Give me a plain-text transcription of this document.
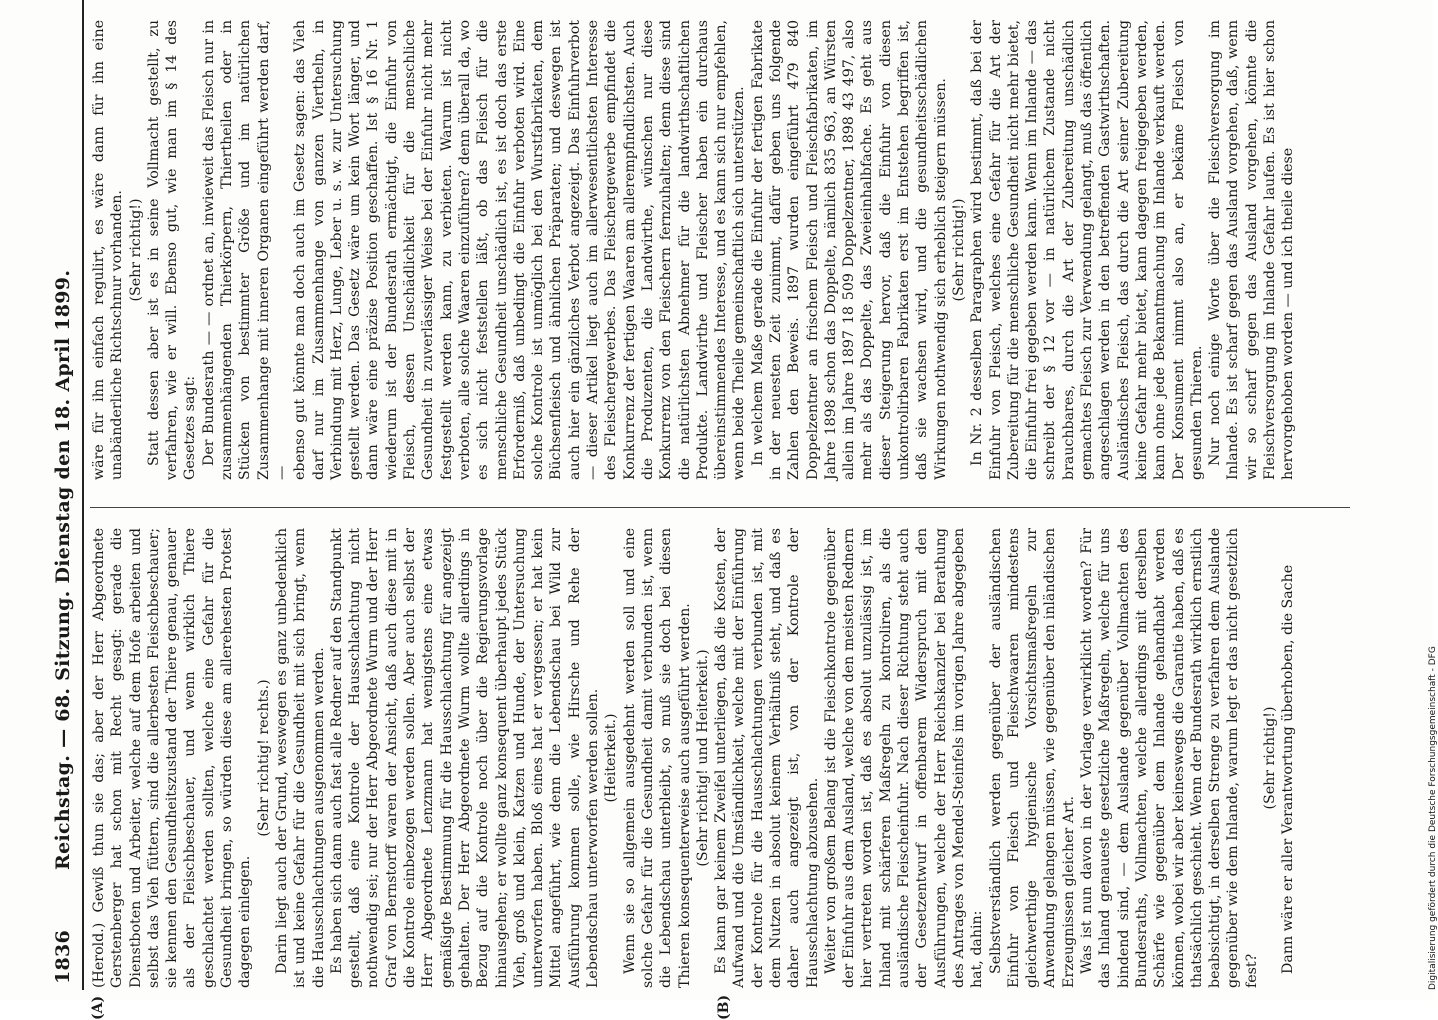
1836
Reichstag. — 68. Sitzung. Dienstag den 18. April 1899.
(A)	(B)

(Herold.) Gewiß thun sie das; aber der Herr Abgeordnete Gerstenberger hat schon mit Recht gesagt: gerade die Dienstboten und Arbeiter, welche auf dem Hofe arbeiten und selbst das Vieh füttern, sind die allerbesten Fleischbeschauer; sie kennen den Gesundheitszustand der Thiere genau, genauer als der Fleischbeschauer, und wenn wirklich Thiere geschlachtet werden sollten, welche eine Gefahr für die Gesundheit bringen, so würden diese am allerehesten Protest dagegen einlegen.

(Sehr richtig! rechts.) Darin liegt auch der Grund, weswegen es ganz unbedenklich ist und keine Gefahr für die Gesundheit mit sich bringt, wenn die Hausschlachtungen ausgenommen werden. Es haben sich dann auch fast alle Redner auf den Standpunkt gestellt, daß eine Kontrole der Hausschlachtung nicht nothwendig sei; nur der Herr Abgeordnete Wurm und der Herr Graf von Bernstorff waren der Ansicht, daß auch diese mit in die Kontrole einbezogen werden sollen. Aber auch selbst der Herr Abgeordnete Lenzmann hat wenigstens eine etwas gemäßigte Bestimmung für die Hausschlachtung für angezeigt gehalten. Der Herr Abgeordnete Wurm wollte allerdings in Bezug auf die Kontrole noch über die Regierungsvorlage hinausgehen; er wollte ganz konsequent überhaupt jedes Stück Vieh, groß und klein, Katzen und Hunde, der Untersuchung unterworfen haben. Bloß eines hat er vergessen; er hat kein Mittel angeführt, wie denn die Lebendschau bei Wild zur Ausführung kommen solle, wie Hirsche und Rehe der Lebendschau unterworfen werden sollen. (Heiterkeit.) Wenn sie so allgemein ausgedehnt werden soll und eine solche Gefahr für die Gesundheit damit verbunden ist, wenn die Lebendschau unterbleibt, so muß sie doch bei diesen Thieren konsequenterweise auch ausgeführt werden. (Sehr richtig! und Heiterkeit.) Es kann gar keinem Zweifel unterliegen, daß die Kosten, der Aufwand und die Umständlichkeit, welche mit der Einführung der Kontrole für die Hausschlachtungen verbunden ist, mit dem Nutzen in absolut keinem Verhältniß steht, und daß es daher auch angezeigt ist, von der Kontrole der Hausschlachtung abzusehen. Weiter von großem Belang ist die Fleischkontrole gegenüber der Einfuhr aus dem Ausland, welche von den meisten Rednern hier vertreten worden ist, daß es absolut unzulässig ist, im Inland mit schärferen Maßregeln zu kontroliren, als die ausländische Fleischeinfuhr. Nach dieser Richtung steht auch der Gesetzentwurf in offenbarem Widerspruch mit den Ausführungen, welche der Herr Reichskanzler bei Berathung des Antrages von Mendel-Steinfels im vorigen Jahre abgegeben hat, dahin: Selbstverständlich werden gegenüber der ausländischen Einfuhr von Fleisch und Fleischwaaren mindestens gleichwerthige hygienische Vorsichtsmaßregeln zur Anwendung gelangen müssen, wie gegenüber den inländischen Erzeugnissen gleicher Art. Was ist nun davon in der Vorlage verwirklicht worden? Für das Inland genaueste gesetzliche Maßregeln, welche für uns bindend sind, — dem Auslande gegenüber Vollmachten des Bundesraths, Vollmachten, welche allerdings mit derselben Schärfe wie gegenüber dem Inlande gehandhabt werden können, wobei wir aber keineswegs die Garantie haben, daß es thatsächlich geschieht. Wenn der Bundesrath wirklich ernstlich beabsichtigt, in derselben Strenge zu verfahren dem Auslande gegenüber wie dem Inlande, warum legt er das nicht gesetzlich fest?

(Sehr richtig!) Dann wäre er aller Verantwortung überhoben, die Sache

wäre für ihn einfach regulirt, es wäre dann für ihn eine unabänderliche Richtschnur vorhanden. (Sehr richtig!) Statt dessen aber ist es in seine Vollmacht gestellt, zu verfahren, wie er will. Ebenso gut, wie man im § 14 des Gesetzes sagt: Der Bundesrath — — ordnet an, inwieweit das Fleisch nur in zusammenhängenden Thierkörpern, Thiertheilen oder in Stücken von bestimmter Größe und im natürlichen Zusammenhange mit inneren Organen eingeführt werden darf, — ebenso gut könnte man doch auch im Gesetz sagen: das Vieh darf nur im Zusammenhange von ganzen Viertheln, in Verbindung mit Herz, Lunge, Leber u. s. w. zur Untersuchung gestellt werden. Das Gesetz wäre um kein Wort länger, und dann wäre eine präzise Position geschaffen. Ist § 16 Nr. 1 wiederum ist der Bundesrath ermächtigt, die Einfuhr von Fleisch, dessen Unschädlichkeit für die menschliche Gesundheit in zuverlässiger Weise bei der Einfuhr nicht mehr festgestellt werden kann, zu verbieten. Warum ist nicht verboten, alle solche Waaren einzuführen? denn überall da, wo es sich nicht feststellen läßt, ob das Fleisch für die menschliche Gesundheit unschädlich ist, es ist doch das erste Erforderniß, daß unbedingt die Einfuhr verboten wird. Eine solche Kontrole ist unmöglich bei den Wurstfabrikaten, dem Büchsenfleisch und ähnlichen Präparaten; und deswegen ist auch hier ein gänzliches Verbot angezeigt. Das Einfuhrverbot — dieser Artikel liegt auch im allerwesentlichsten Interesse des Fleischergewerbes. Das Fleischergewerbe empfindet die Konkurrenz der fertigen Waaren am allerempfindlichsten. Auch die Produzenten, die Landwirthe, wünschen nur diese Konkurrenz von den Fleischern fernzuhalten; denn diese sind die natürlichsten Abnehmer für die landwirthschaftlichen Produkte. Landwirthe und Fleischer haben ein durchaus übereinstimmendes Interesse, und es kann sich nur empfehlen, wenn beide Theile gemeinschaftlich sich unterstützen. In welchem Maße gerade die Einfuhr der fertigen Fabrikate in der neuesten Zeit zunimmt, dafür geben uns folgende Zahlen den Beweis. 1897 wurden eingeführt 479 840 Doppelzentner an frischem Fleisch und Fleischfabrikaten, im Jahre 1898 schon das Doppelte, nämlich 835 963, an Würsten allein im Jahre 1897 18 509 Doppelzentner, 1898 43 497, also mehr als das Doppelte, das Zweieinhalbfache. Es geht aus dieser Steigerung hervor, daß die Einfuhr von diesen unkontrolirbaren Fabrikaten erst im Entstehen begriffen ist, daß sie wachsen wird, und die gesundheitsschädlichen Wirkungen nothwendig sich erheblich steigern müssen. (Sehr richtig!) In Nr. 2 desselben Paragraphen wird bestimmt, daß bei der Einfuhr von Fleisch, welches eine Gefahr für die Art der Zubereitung für die menschliche Gesundheit nicht mehr bietet, die Einfuhr frei gegeben werden kann. Wenn im Inlande — das schreibt der § 12 vor — in natürlichem Zustande nicht brauchbares, durch die Art der Zubereitung unschädlich gemachtes Fleisch zur Verwendung gelangt, muß das öffentlich angeschlagen werden in den betreffenden Gastwirthschaften. Ausländisches Fleisch, das durch die Art seiner Zubereitung keine Gefahr mehr bietet, kann dagegen freigegeben werden, kann ohne jede Bekanntmachung im Inlande verkauft werden. Der Konsument nimmt also an, er bekäme Fleisch von gesunden Thieren. Nur noch einige Worte über die Fleischversorgung im Inlande. Es ist scharf gegen das Ausland vorgehen, daß, wenn wir so scharf gegen das Ausland vorgehen, könnte die Fleischversorgung im Inlande Gefahr laufen. Es ist hier schon hervorgehoben worden — und ich theile diese

Digitalisierung gefördert durch die Deutsche Forschungsgemeinschaft - DFG
